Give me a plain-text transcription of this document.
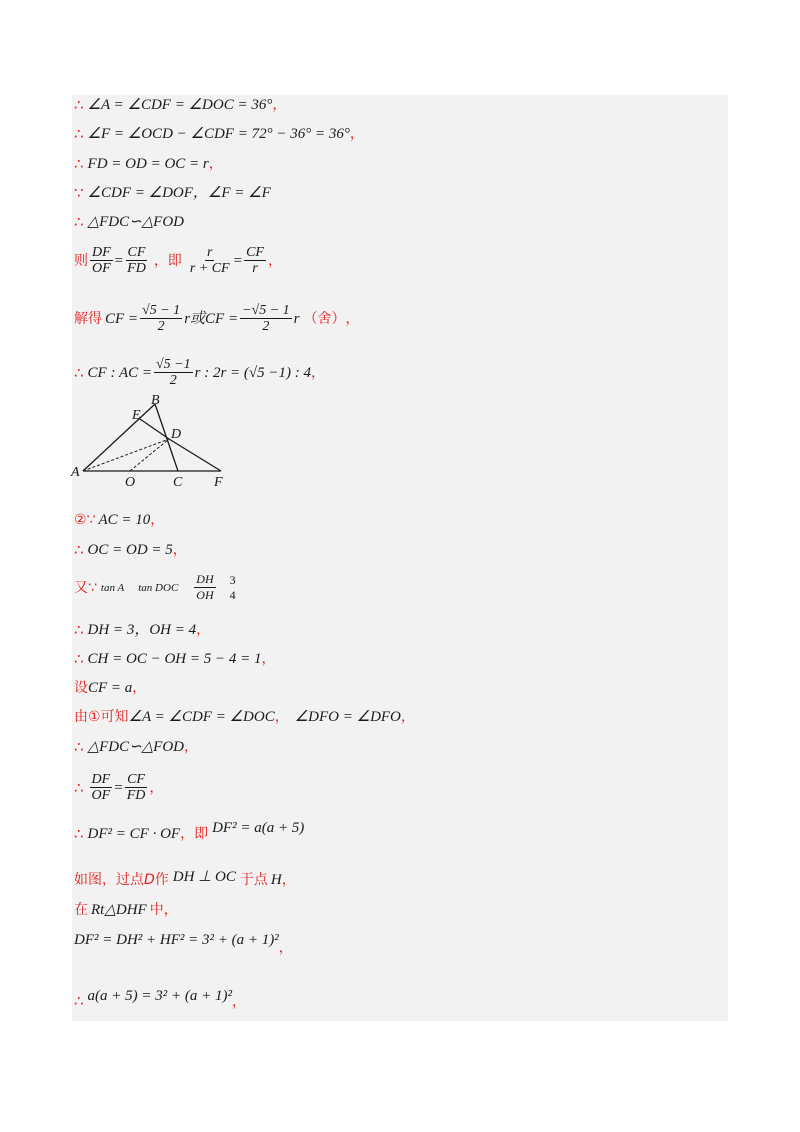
∴ ∠A = ∠CDF = ∠DOC = 36° ，
∴ ∠F = ∠OCD − ∠CDF = 72° − 36° = 36° ，
∴ FD = OD = OC = r ，
∵ ∠CDF = ∠DOF，∠F = ∠F
∴ △FDC∽△FOD
则 $\frac{DF}{OF} = \frac{CF}{FD}$ ，即 $\frac{r}{r + CF} = \frac{CF}{r}$ ，
解得 CF = $\frac{√5 - 1}{2}$ r或 CF = $\frac{-√5 - 1}{2}$ r （舍） ，
∴ CF : AC = $\frac{√5 -1}{2}$ r : 2r = (√5 −1) : 4 ，
A
B
E
D
O	C F
②∵ AC = 10 ，
∴ OC = OD = 5 ，
又∵ tan A tan DOC $\frac{DH}{OH} 3$
4
∴ DH = 3，OH = 4 ，
∴ CH = OC − OH = 5 − 4 = 1 ，
设 CF = a ，
由①可知 ∠A = ∠CDF = ∠DOC ， ∠DFO = ∠DFO ，
∴ △FDC∽△FOD ，
∴ $\frac{DF}{OF} = \frac{CF}{FD}$ ，
∴ DF² = CF · OF ，即 DF² = a(a + 5)
如图，过点 D 作 DH ⊥ OC 于点 H ，
在 Rt△DHF 中，
DF² = DH² + HF² = 3² + (a + 1)² ，
∴ a(a + 5) = 3² + (a + 1)² ，
